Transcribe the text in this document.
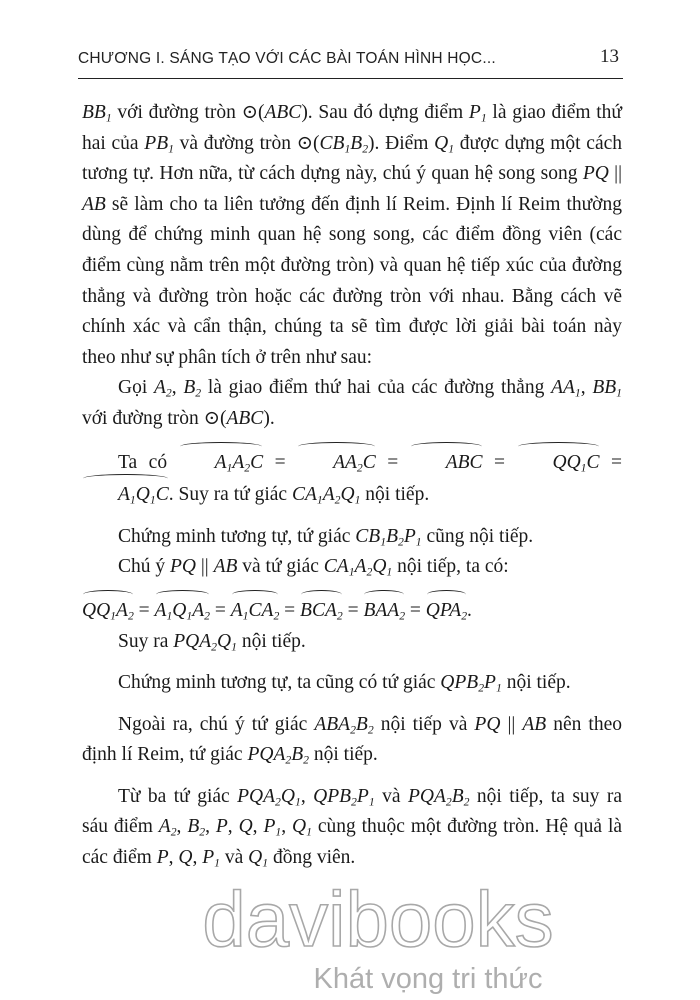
CHƯƠNG I. SÁNG TẠO VỚI CÁC BÀI TOÁN HÌNH HỌC...	13

$BB_1$ với đường tròn ⊙(ABC). Sau đó dựng điểm $P_1$ là giao điểm thứ hai của $PB_1$ và đường tròn $⊙(CB_1B_2)$. Điểm $Q_1$ được dựng một cách tương tự. Hơn nữa, từ cách dựng này, chú ý quan hệ song song PQ || AB sẽ làm cho ta liên tưởng đến định lí Reim. Định lí Reim thường dùng để chứng minh quan hệ song song, các điểm đồng viên (các điểm cùng nằm trên một đường tròn) và quan hệ tiếp xúc của đường thẳng và đường tròn hoặc các đường tròn với nhau. Bằng cách vẽ chính xác và cẩn thận, chúng ta sẽ tìm được lời giải bài toán này theo như sự phân tích ở trên như sau:

Gọi $A_2$, $B_2$ là giao điểm thứ hai của các đường thẳng $AA_1$, $BB_1$ với đường tròn ⊙(ABC).

Ta có $A_1A_2C = AA_2C$ = ABC = $QQ_1C = A_1Q_1C$. Suy ra tứ giác $CA_1A_2Q_1$ nội tiếp.

Chứng minh tương tự, tứ giác $CB_1B_2P_1$ cũng nội tiếp.

Chú ý PQ || AB và tứ giác $CA_1A_2Q_1$ nội tiếp, ta có:

$QQ_1A_2 = A_1Q_1A_2 = A_1CA_2 = BCA_2 = BAA_2 = QPA_2$.

Suy ra $PQA_2Q_1$ nội tiếp.

Chứng minh tương tự, ta cũng có tứ giác $QPB_2P_1$ nội tiếp.

Ngoài ra, chú ý tứ giác $ABA_2B_2$ nội tiếp và PQ || AB nên theo định lí Reim, tứ giác $PQA_2B_2$ nội tiếp.

Từ ba tứ giác $PQA_2Q_1$, $QPB_2P_1$ và $PQA_2B_2$ nội tiếp, ta suy ra sáu điểm $A_2$, $B_2$, P, Q, $P_1$, $Q_1$ cùng thuộc một đường tròn. Hệ quả là các điểm P, Q, $P_1$ và $Q_1$ đồng viên.

davibooks
Khát vọng tri thức
